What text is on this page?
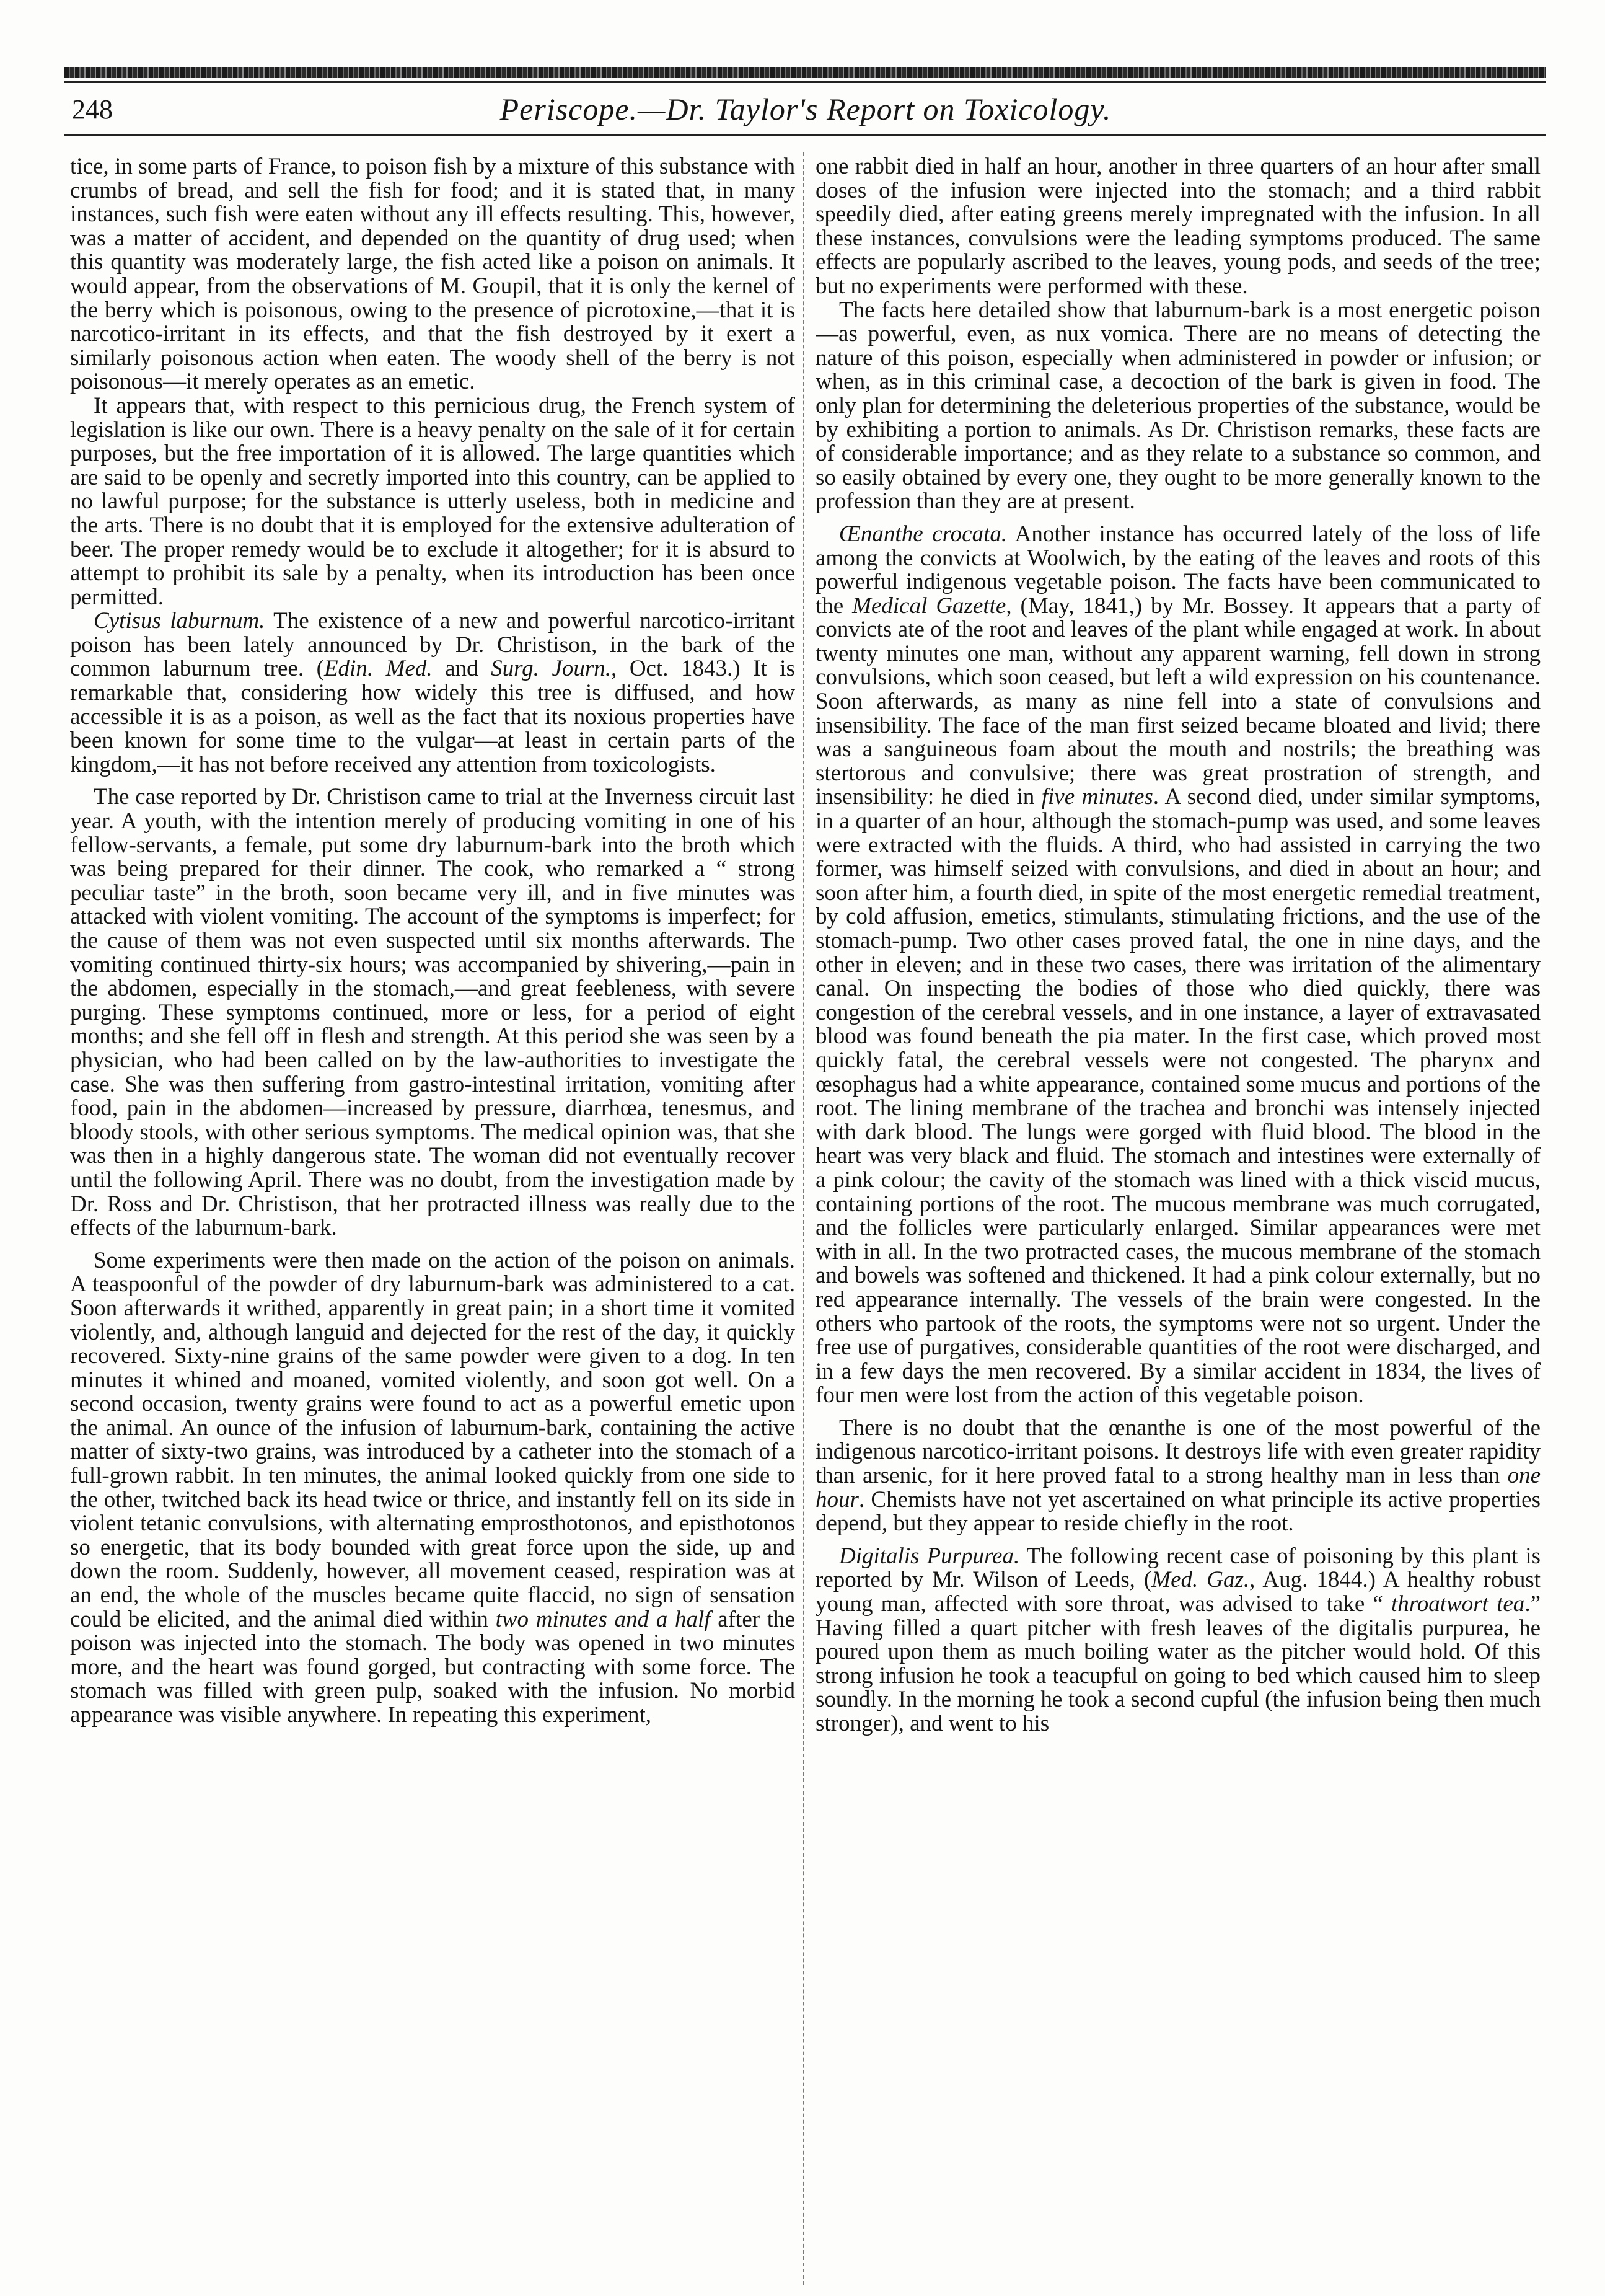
248	Periscope.—Dr. Taylor's Report on Toxicology.

tice, in some parts of France, to poison fish by a mixture of this substance with crumbs of bread, and sell the fish for food; and it is stated that, in many instances, such fish were eaten without any ill effects resulting. This, however, was a matter of accident, and depended on the quantity of drug used; when this quantity was moderately large, the fish acted like a poison on animals. It would appear, from the observations of M. Goupil, that it is only the kernel of the berry which is poisonous, owing to the presence of picrotoxine,—that it is narcotico-irritant in its effects, and that the fish destroyed by it exert a similarly poisonous action when eaten. The woody shell of the berry is not poisonous—it merely operates as an emetic.

It appears that, with respect to this pernicious drug, the French system of legislation is like our own. There is a heavy penalty on the sale of it for certain purposes, but the free importation of it is allowed. The large quantities which are said to be openly and secretly imported into this country, can be applied to no lawful purpose; for the substance is utterly useless, both in medicine and the arts. There is no doubt that it is employed for the extensive adulteration of beer. The proper remedy would be to exclude it altogether; for it is absurd to attempt to prohibit its sale by a penalty, when its introduction has been once permitted.

Cytisus laburnum. The existence of a new and powerful narcotico-irritant poison has been lately announced by Dr. Christison, in the bark of the common laburnum tree. (Edin. Med. and Surg. Journ., Oct. 1843.) It is remarkable that, considering how widely this tree is diffused, and how accessible it is as a poison, as well as the fact that its noxious properties have been known for some time to the vulgar—at least in certain parts of the kingdom,—it has not before received any attention from toxicologists.

The case reported by Dr. Christison came to trial at the Inverness circuit last year. A youth, with the intention merely of producing vomiting in one of his fellow-servants, a female, put some dry laburnum-bark into the broth which was being prepared for their dinner. The cook, who remarked a “ strong peculiar taste” in the broth, soon became very ill, and in five minutes was attacked with violent vomiting. The account of the symptoms is imperfect; for the cause of them was not even suspected until six months afterwards. The vomiting continued thirty-six hours; was accompanied by shivering,—pain in the abdomen, especially in the stomach,—and great feebleness, with severe purging. These symptoms continued, more or less, for a period of eight months; and she fell off in flesh and strength. At this period she was seen by a physician, who had been called on by the law-authorities to investigate the case. She was then suffering from gastro-intestinal irritation, vomiting after food, pain in the abdomen—increased by pressure, diarrhœa, tenesmus, and bloody stools, with other serious symptoms. The medical opinion was, that she was then in a highly dangerous state. The woman did not eventually recover until the following April. There was no doubt, from the investigation made by Dr. Ross and Dr. Christison, that her protracted illness was really due to the effects of the laburnum-bark.

Some experiments were then made on the action of the poison on animals. A teaspoonful of the powder of dry laburnum-bark was administered to a cat. Soon afterwards it writhed, apparently in great pain; in a short time it vomited violently, and, although languid and dejected for the rest of the day, it quickly recovered. Sixty-nine grains of the same powder were given to a dog. In ten minutes it whined and moaned, vomited violently, and soon got well. On a second occasion, twenty grains were found to act as a powerful emetic upon the animal. An ounce of the infusion of laburnum-bark, containing the active matter of sixty-two grains, was introduced by a catheter into the stomach of a full-grown rabbit. In ten minutes, the animal looked quickly from one side to the other, twitched back its head twice or thrice, and instantly fell on its side in violent tetanic convulsions, with alternating emprosthotonos, and episthotonos so energetic, that its body bounded with great force upon the side, up and down the room. Suddenly, however, all movement ceased, respiration was at an end, the whole of the muscles became quite flaccid, no sign of sensation could be elicited, and the animal died within two minutes and a half after the poison was injected into the stomach. The body was opened in two minutes more, and the heart was found gorged, but contracting with some force. The stomach was filled with green pulp, soaked with the infusion. No morbid appearance was visible anywhere. In repeating this experiment,

one rabbit died in half an hour, another in three quarters of an hour after small doses of the infusion were injected into the stomach; and a third rabbit speedily died, after eating greens merely impregnated with the infusion. In all these instances, convulsions were the leading symptoms produced. The same effects are popularly ascribed to the leaves, young pods, and seeds of the tree; but no experiments were performed with these.

The facts here detailed show that laburnum-bark is a most energetic poison—as powerful, even, as nux vomica. There are no means of detecting the nature of this poison, especially when administered in powder or infusion; or when, as in this criminal case, a decoction of the bark is given in food. The only plan for determining the deleterious properties of the substance, would be by exhibiting a portion to animals. As Dr. Christison remarks, these facts are of considerable importance; and as they relate to a substance so common, and so easily obtained by every one, they ought to be more generally known to the profession than they are at present.

Œnanthe crocata. Another instance has occurred lately of the loss of life among the convicts at Woolwich, by the eating of the leaves and roots of this powerful indigenous vegetable poison. The facts have been communicated to the Medical Gazette, (May, 1841,) by Mr. Bossey. It appears that a party of convicts ate of the root and leaves of the plant while engaged at work. In about twenty minutes one man, without any apparent warning, fell down in strong convulsions, which soon ceased, but left a wild expression on his countenance. Soon afterwards, as many as nine fell into a state of convulsions and insensibility. The face of the man first seized became bloated and livid; there was a sanguineous foam about the mouth and nostrils; the breathing was stertorous and convulsive; there was great prostration of strength, and insensibility: he died in five minutes. A second died, under similar symptoms, in a quarter of an hour, although the stomach-pump was used, and some leaves were extracted with the fluids. A third, who had assisted in carrying the two former, was himself seized with convulsions, and died in about an hour; and soon after him, a fourth died, in spite of the most energetic remedial treatment, by cold affusion, emetics, stimulants, stimulating frictions, and the use of the stomach-pump. Two other cases proved fatal, the one in nine days, and the other in eleven; and in these two cases, there was irritation of the alimentary canal. On inspecting the bodies of those who died quickly, there was congestion of the cerebral vessels, and in one instance, a layer of extravasated blood was found beneath the pia mater. In the first case, which proved most quickly fatal, the cerebral vessels were not congested. The pharynx and œsophagus had a white appearance, contained some mucus and portions of the root. The lining membrane of the trachea and bronchi was intensely injected with dark blood. The lungs were gorged with fluid blood. The blood in the heart was very black and fluid. The stomach and intestines were externally of a pink colour; the cavity of the stomach was lined with a thick viscid mucus, containing portions of the root. The mucous membrane was much corrugated, and the follicles were particularly enlarged. Similar appearances were met with in all. In the two protracted cases, the mucous membrane of the stomach and bowels was softened and thickened. It had a pink colour externally, but no red appearance internally. The vessels of the brain were congested. In the others who partook of the roots, the symptoms were not so urgent. Under the free use of purgatives, considerable quantities of the root were discharged, and in a few days the men recovered. By a similar accident in 1834, the lives of four men were lost from the action of this vegetable poison.

There is no doubt that the œnanthe is one of the most powerful of the indigenous narcotico-irritant poisons. It destroys life with even greater rapidity than arsenic, for it here proved fatal to a strong healthy man in less than one hour. Chemists have not yet ascertained on what principle its active properties depend, but they appear to reside chiefly in the root.

Digitalis Purpurea. The following recent case of poisoning by this plant is reported by Mr. Wilson of Leeds, (Med. Gaz., Aug. 1844.) A healthy robust young man, affected with sore throat, was advised to take “ throatwort tea.” Having filled a quart pitcher with fresh leaves of the digitalis purpurea, he poured upon them as much boiling water as the pitcher would hold. Of this strong infusion he took a teacupful on going to bed which caused him to sleep soundly. In the morning he took a second cupful (the infusion being then much stronger), and went to his
